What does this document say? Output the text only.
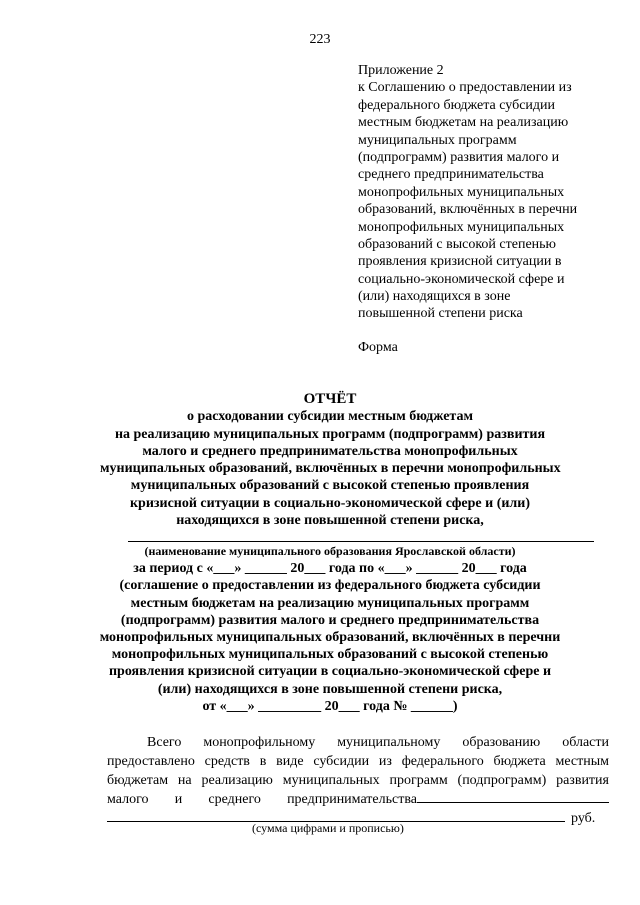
223
Приложение 2
к Соглашению о предоставлении из
федерального бюджета субсидии
местным бюджетам на реализацию
муниципальных программ
(подпрограмм) развития малого и
среднего предпринимательства
монопрофильных муниципальных
образований, включённых в перечни
монопрофильных муниципальных
образований с высокой степенью
проявления кризисной ситуации в
социально-экономической сфере и
(или) находящихся в зоне
повышенной степени риска
Форма
ОТЧЁТ
о расходовании субсидии местным бюджетам
на реализацию муниципальных программ (подпрограмм) развития
малого и среднего предпринимательства монопрофильных
муниципальных образований, включённых в перечни монопрофильных
муниципальных образований с высокой степенью проявления
кризисной ситуации в социально-экономической сфере и (или)
находящихся в зоне повышенной степени риска,
(наименование муниципального образования Ярославской области)
за период с «___» ______ 20___ года по «___» ______ 20___ года
(соглашение о предоставлении из федерального бюджета субсидии
местным бюджетам на реализацию муниципальных программ
(подпрограмм) развития малого и среднего предпринимательства
монопрофильных муниципальных образований, включённых в перечни
монопрофильных муниципальных образований с высокой степенью
проявления кризисной ситуации в социально-экономической сфере и
(или) находящихся в зоне повышенной степени риска,
от «___» _________ 20___ года № ______)
Всего монопрофильному муниципальному образованию области
предоставлено средств в виде субсидии из федерального бюджета местным
бюджетам на реализацию муниципальных программ (подпрограмм) развития
малого и среднего предпринимательства
руб.
(сумма цифрами и прописью)
